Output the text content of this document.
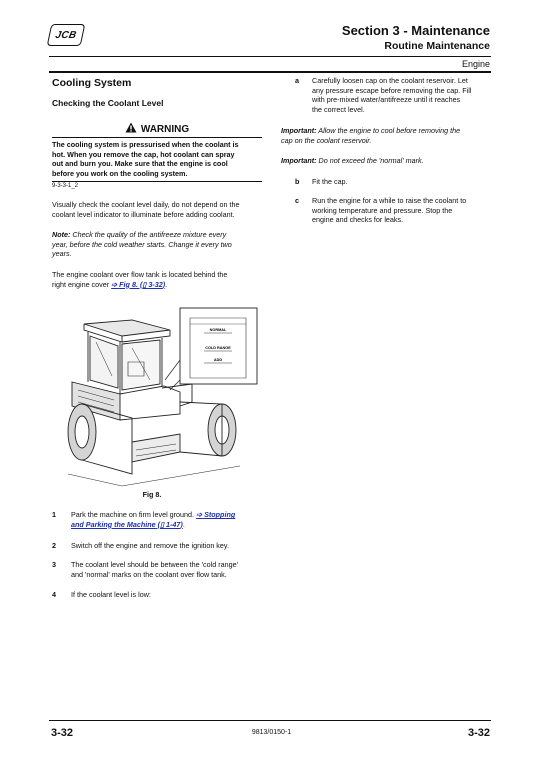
JCB	Section 3 - Maintenance
Routine Maintenance
Engine
Cooling System
Checking the Coolant Level
WARNING
The cooling system is pressurised when the coolant is
hot. When you remove the cap, hot coolant can spray
out and burn you. Make sure that the engine is cool
before you work on the cooling system.
9-3-3-1_2
Visually check the coolant level daily, do not depend on the
coolant level indicator to illuminate before adding coolant.
Note: Check the quality of the antifreeze mixture every
year, before the cold weather starts. Change it every two
years.
The engine coolant over flow tank is located behind the
right engine cover ➩ Fig 8. (▯ 3-32).
NORMAL
COLD RANGE
ADD
Fig 8.
1 Park the machine on firm level ground. ➩ Stopping
and Parking the Machine (▯ 1-47).
2 Switch off the engine and remove the ignition key.
3 The coolant level should be between the 'cold range'
and 'normal' marks on the coolant over flow tank.
4 If the coolant level is low:
a Carefully loosen cap on the coolant reservoir. Let
any pressure escape before removing the cap. Fill
with pre-mixed water/antifreeze until it reaches
the correct level.
Important: Allow the engine to cool before removing the
cap on the coolant reservoir.
Important: Do not exceed the 'normal' mark.
b Fit the cap.
c Run the engine for a while to raise the coolant to
working temperature and pressure. Stop the
engine and checks for leaks.
3-32	9813/0150-1	3-32
